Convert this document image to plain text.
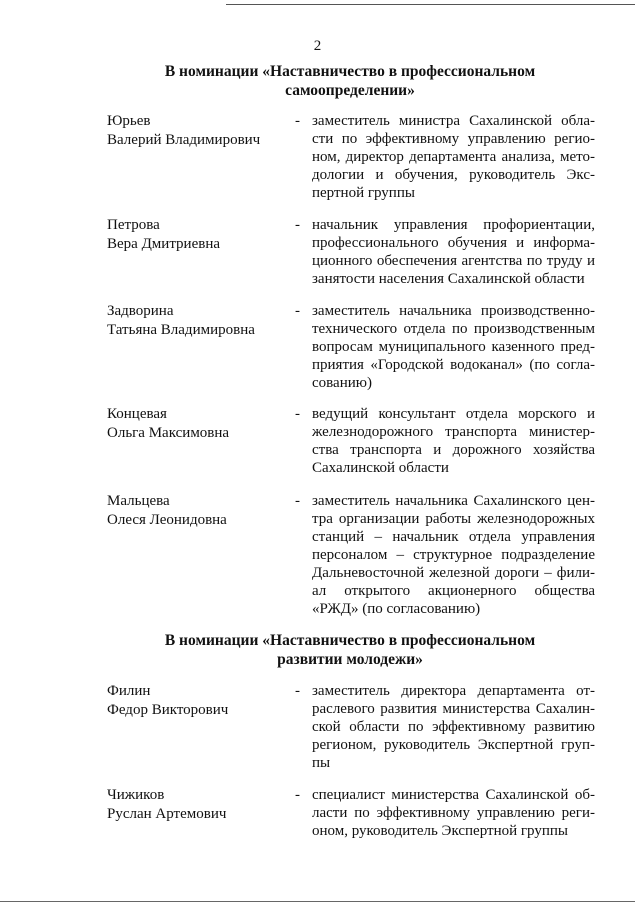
2
В номинации «Наставничество в профессиональном
самоопределении»
Юрьев
Валерий Владимирович
- заместитель министра Сахалинской обла-
сти по эффективному управлению регио-
ном, директор департамента анализа, мето-
дологии и обучения, руководитель Экс-
пертной группы
Петрова
Вера Дмитриевна
- начальник управления профориентации,
профессионального обучения и информа-
ционного обеспечения агентства по труду и
занятости населения Сахалинской области
Задворина
Татьяна Владимировна
- заместитель начальника производственно-
технического отдела по производственным
вопросам муниципального казенного пред-
приятия «Городской водоканал» (по согла-
сованию)
Концевая
Ольга Максимовна
- ведущий консультант отдела морского и
железнодорожного транспорта министер-
ства транспорта и дорожного хозяйства
Сахалинской области
Мальцева
Олеся Леонидовна
- заместитель начальника Сахалинского цен-
тра организации работы железнодорожных
станций – начальник отдела управления
персоналом – структурное подразделение
Дальневосточной железной дороги – фили-
ал открытого акционерного общества
«РЖД» (по согласованию)
В номинации «Наставничество в профессиональном
развитии молодежи»
Филин
Федор Викторович
- заместитель директора департамента от-
раслевого развития министерства Сахалин-
ской области по эффективному развитию
регионом, руководитель Экспертной груп-
пы
Чижиков
Руслан Артемович
- специалист министерства Сахалинской об-
ласти по эффективному управлению реги-
оном, руководитель Экспертной группы
